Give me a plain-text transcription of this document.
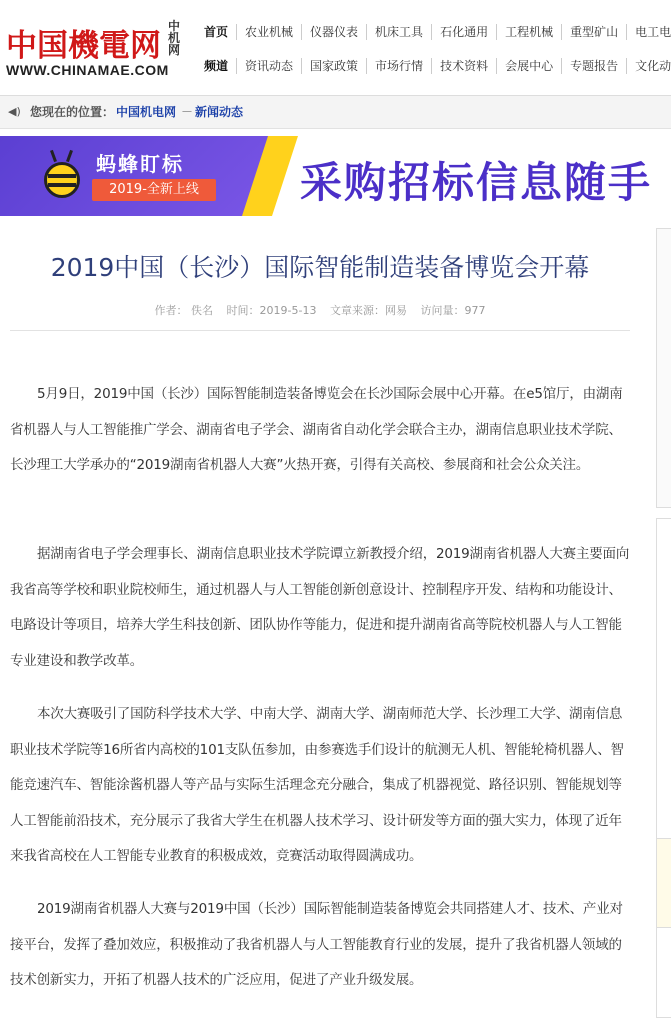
中国機電网
WWW.CHINAMAE.COM
中机网
首页 农业机械 仪器仪表 机床工具 石化通用 工程机械 重型矿山 电工电
频道 资讯动态 国家政策 市场行情 技术资料 会展中心 专题报告 文化动
◀) 您现在的位置： 中国机电网 － 新闻动态
蚂蜂盯标
2019-全新上线	采购招标信息随手
2019中国（长沙）国际智能制造装备博览会开幕
作者： 佚名 时间：2019-5-13 文章来源：网易 访问量：977
5月9日，2019中国（长沙）国际智能制造装备博览会在长沙国际会展中心开幕。在e5馆厅，由湖南省机器人与人工智能推广学会、湖南省电子学会、湖南省自动化学会联合主办，湖南信息职业技术学院、长沙理工大学承办的“2019湖南省机器人大赛”火热开赛，引得有关高校、参展商和社会公众关注。
据湖南省电子学会理事长、湖南信息职业技术学院谭立新教授介绍，2019湖南省机器人大赛主要面向我省高等学校和职业院校师生，通过机器人与人工智能创新创意设计、控制程序开发、结构和功能设计、电路设计等项目，培养大学生科技创新、团队协作等能力，促进和提升湖南省高等院校机器人与人工智能专业建设和教学改革。
本次大赛吸引了国防科学技术大学、中南大学、湖南大学、湖南师范大学、长沙理工大学、湖南信息职业技术学院等16所省内高校的101支队伍参加，由参赛选手们设计的航测无人机、智能轮椅机器人、智能竞速汽车、智能涂酱机器人等产品与实际生活理念充分融合，集成了机器视觉、路径识别、智能规划等人工智能前沿技术，充分展示了我省大学生在机器人技术学习、设计研发等方面的强大实力，体现了近年来我省高校在人工智能专业教育的积极成效，竞赛活动取得圆满成功。
2019湖南省机器人大赛与2019中国（长沙）国际智能制造装备博览会共同搭建人才、技术、产业对接平台，发挥了叠加效应，积极推动了我省机器人与人工智能教育行业的发展，提升了我省机器人领域的技术创新实力，开拓了机器人技术的广泛应用，促进了产业升级发展。
